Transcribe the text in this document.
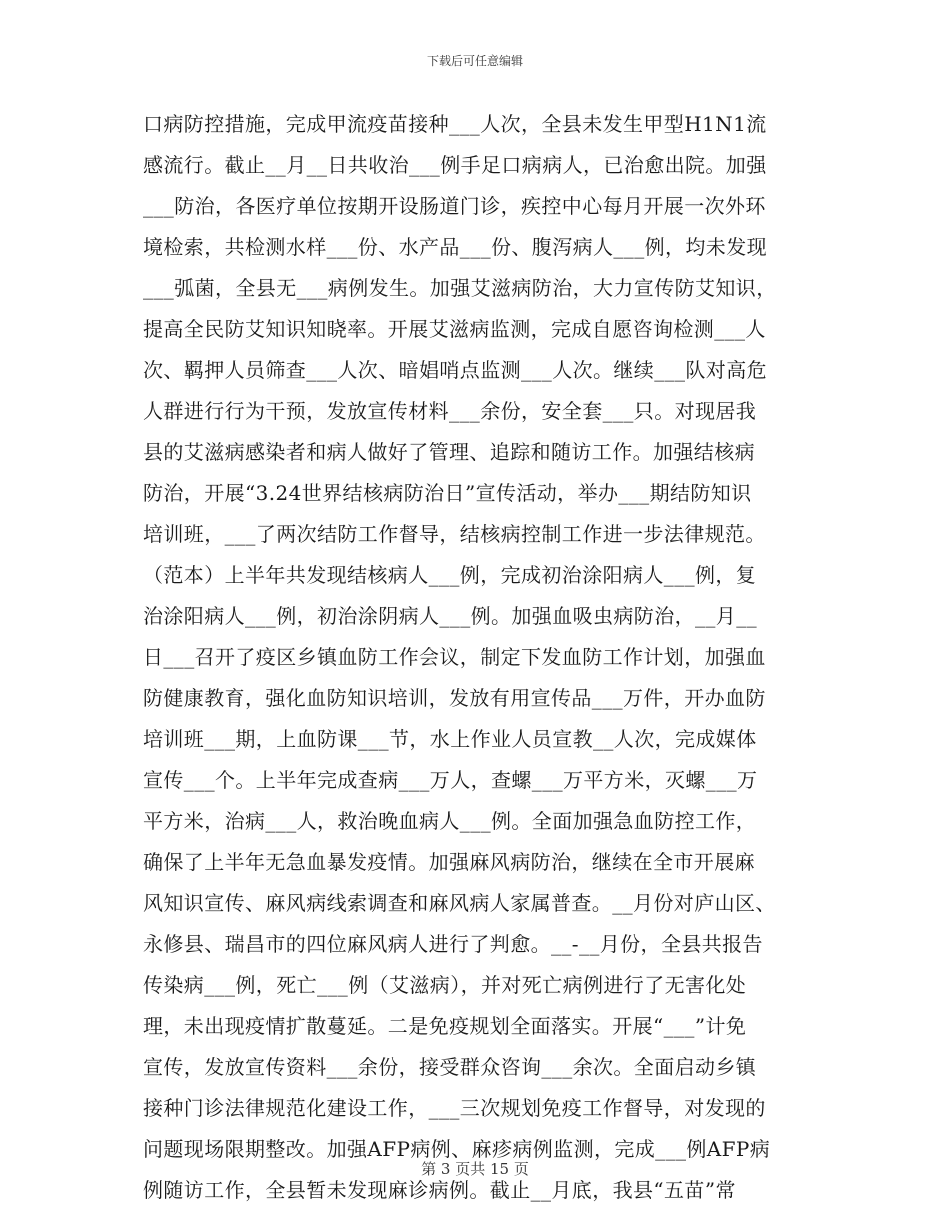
下载后可任意编辑
口病防控措施，完成甲流疫苗接种___人次，全县未发生甲型H1N1流
感流行。截止__月__日共收治___例手足口病病人，已治愈出院。加强
___防治，各医疗单位按期开设肠道门诊，疾控中心每月开展一次外环
境检索，共检测水样___份、水产品___份、腹泻病人___例，均未发现
___弧菌，全县无___病例发生。加强艾滋病防治，大力宣传防艾知识，
提高全民防艾知识知晓率。开展艾滋病监测，完成自愿咨询检测___人
次、羁押人员筛查___人次、暗娼哨点监测___人次。继续___队对高危
人群进行行为干预，发放宣传材料___余份，安全套___只。对现居我
县的艾滋病感染者和病人做好了管理、追踪和随访工作。加强结核病
防治，开展“3.24世界结核病防治日”宣传活动，举办___期结防知识
培训班，___了两次结防工作督导，结核病控制工作进一步法律规范。
（范本）上半年共发现结核病人___例，完成初治涂阳病人___例，复
治涂阳病人___例，初治涂阴病人___例。加强血吸虫病防治，__月__
日___召开了疫区乡镇血防工作会议，制定下发血防工作计划，加强血
防健康教育，强化血防知识培训，发放有用宣传品___万件，开办血防
培训班___期，上血防课___节，水上作业人员宣教__人次，完成媒体
宣传___个。上半年完成查病___万人，查螺___万平方米，灭螺___万
平方米，治病___人，救治晚血病人___例。全面加强急血防控工作，
确保了上半年无急血暴发疫情。加强麻风病防治，继续在全市开展麻
风知识宣传、麻风病线索调查和麻风病人家属普查。__月份对庐山区、
永修县、瑞昌市的四位麻风病人进行了判愈。__-__月份，全县共报告
传染病___例，死亡___例（艾滋病），并对死亡病例进行了无害化处
理，未出现疫情扩散蔓延。二是免疫规划全面落实。开展“___”计免
宣传，发放宣传资料___余份，接受群众咨询___余次。全面启动乡镇
接种门诊法律规范化建设工作，___三次规划免疫工作督导，对发现的
问题现场限期整改。加强AFP病例、麻疹病例监测，完成___例AFP病
例随访工作，全县暂未发现麻诊病例。截止__月底，我县“五苗”常
第 3 页共 15 页
